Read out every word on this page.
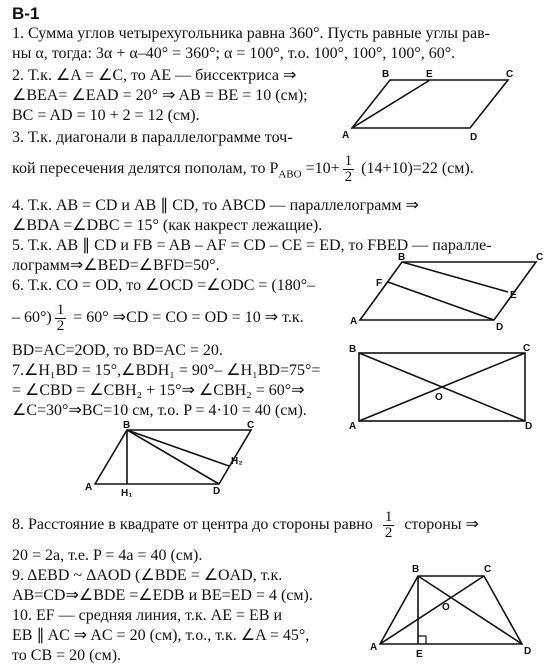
В-1
1. Сумма углов четырехугольника равна 360°. Пусть равные углы рав-
ны α, тогда: 3α + α–40° = 360°; α = 100°, т.о. 100°, 100°, 100°, 60°.
2. Т.к. ∠A = ∠C, то AE — биссектриса ⇒
∠BEA= ∠EAD = 20° ⇒ AB = BE = 10 (см);
BC = AD = 10 + 2 = 12 (см).
3. Т.к. диагонали в параллелограмме точ-
кой пересечения делятся пополам, то $P_{ABO} =10+ \frac{1}{2} (14+10)=22$ (см).
4. Т.к. AB = CD и AB ∥ CD, то ABCD — параллелограмм ⇒
∠BDA =∠DBC = 15° (как накрест лежащие).
5. Т.к. AB ∥ CD и FB = AB – AF = CD – CE = ED, то FBED — паралле-
лограмм⇒∠BED=∠BFD=50°.
6. Т.к. CO = OD, то ∠OCD =∠ODC = (180°–
– $60^\circ) \frac{1}{2} = 60^\circ$ ⇒CD = CO = OD = 10 ⇒ т.к.
BD=AC=2OD, то BD=AC = 20.
7.∠H₁BD = 15°,∠BDH₁ = 90°– ∠H₁BD=75°=
= ∠CBD = ∠CBH₂ + 15°⇒ ∠CBH₂ = 60°⇒
∠C=30°⇒BC=10 см, т.о. P = 4·10 = 40 (см).
8. Расстояние в квадрате от центра до стороны равно $\frac{1}{2}$ стороны ⇒
20 = 2a, т.е. P = 4a = 40 (см).
9. ΔEBD ~ ΔAOD (∠BDE = ∠OAD, т.к.
AB=CD⇒∠BDE =∠EDB и BE=ED = 4 (см).
10. EF — средняя линия, т.к. AE = EB и
EB ∥ AC ⇒ AC = 20 (см), т.о., т.к. ∠A = 45°,
то CB = 20 (см).
B	E	C
A	D
B	C
F
E
A
D
B	C
O
A	D
B	C
H₂
A
H₁	D
B	C
O
A
E	D
